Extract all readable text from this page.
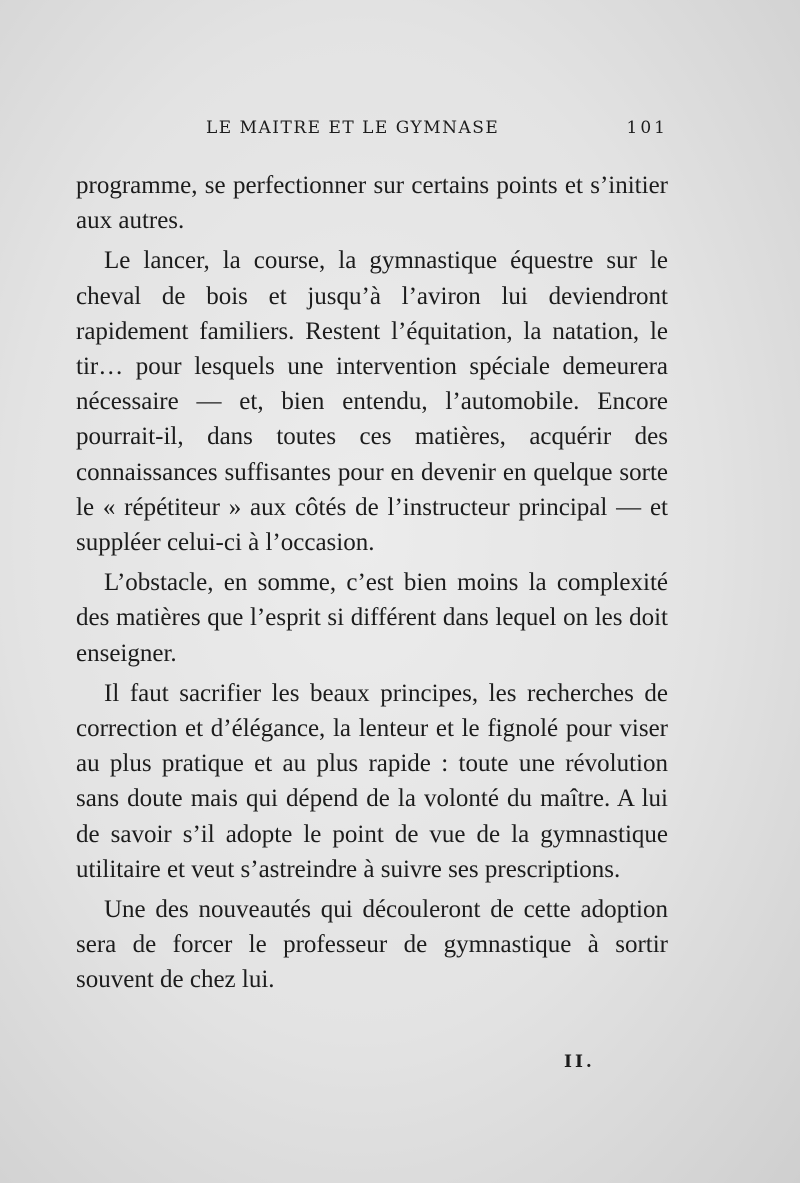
LE MAITRE ET LE GYMNASE	101

programme, se perfectionner sur certains points et s’initier aux autres.

Le lancer, la course, la gymnastique équestre sur le cheval de bois et jusqu’à l’aviron lui deviendront rapidement familiers. Restent l’équitation, la natation, le tir… pour lesquels une intervention spéciale demeurera nécessaire — et, bien entendu, l’automobile. Encore pourrait-il, dans toutes ces matières, acquérir des connaissances suffisantes pour en devenir en quelque sorte le « répétiteur » aux côtés de l’instructeur principal — et suppléer celui-ci à l’occasion.

L’obstacle, en somme, c’est bien moins la complexité des matières que l’esprit si différent dans lequel on les doit enseigner.

Il faut sacrifier les beaux principes, les recherches de correction et d’élégance, la lenteur et le fignolé pour viser au plus pratique et au plus rapide : toute une révolution sans doute mais qui dépend de la volonté du maître. A lui de savoir s’il adopte le point de vue de la gymnastique utilitaire et veut s’astreindre à suivre ses prescriptions.

Une des nouveautés qui découleront de cette adoption sera de forcer le professeur de gymnastique à sortir souvent de chez lui.

II.
